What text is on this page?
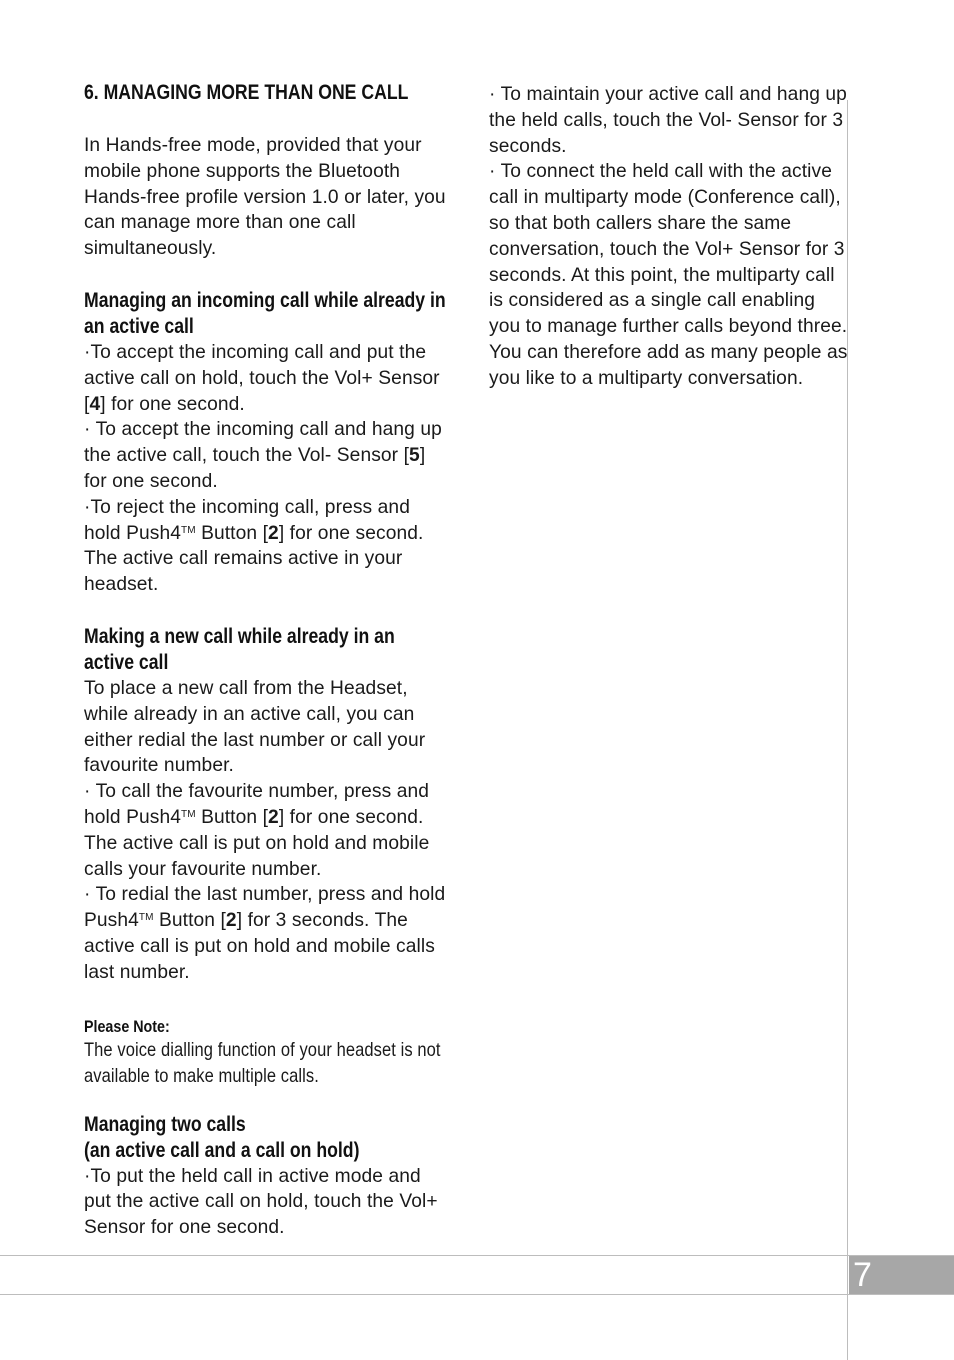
7
6. MANAGING MORE THAN ONE CALL

In Hands-free mode, provided that your mobile phone supports the Bluetooth Hands-free profile version 1.0 or later, you can manage more than one call simultaneously.

Managing an incoming call while already in an active call

·To accept the incoming call and put the active call on hold, touch the Vol+ Sensor [4] for one second.

· To accept the incoming call and hang up the active call, touch the Vol- Sensor [5] for one second.

·To reject the incoming call, press and hold Push4™ Button [2] for one second. The active call remains active in your headset.

Making a new call while already in an active call

To place a new call from the Headset, while already in an active call, you can either redial the last number or call your favourite number.

· To call the favourite number, press and hold Push4™ Button [2] for one second. The active call is put on hold and mobile calls your favourite number.

· To redial the last number, press and hold Push4™ Button [2] for 3 seconds. The active call is put on hold and mobile calls last number.

Please Note:

The voice dialling function of your headset is not available to make multiple calls.

Managing two calls
(an active call and a call on hold)

·To put the held call in active mode and put the active call on hold, touch the Vol+ Sensor for one second.

· To maintain your active call and hang up the held calls, touch the Vol- Sensor for 3 seconds.

· To connect the held call with the active call in multiparty mode (Conference call), so that both callers share the same conversation, touch the Vol+ Sensor for 3 seconds. At this point, the multiparty call is considered as a single call enabling you to manage further calls beyond three. You can therefore add as many people as you like to a multiparty conversation.
